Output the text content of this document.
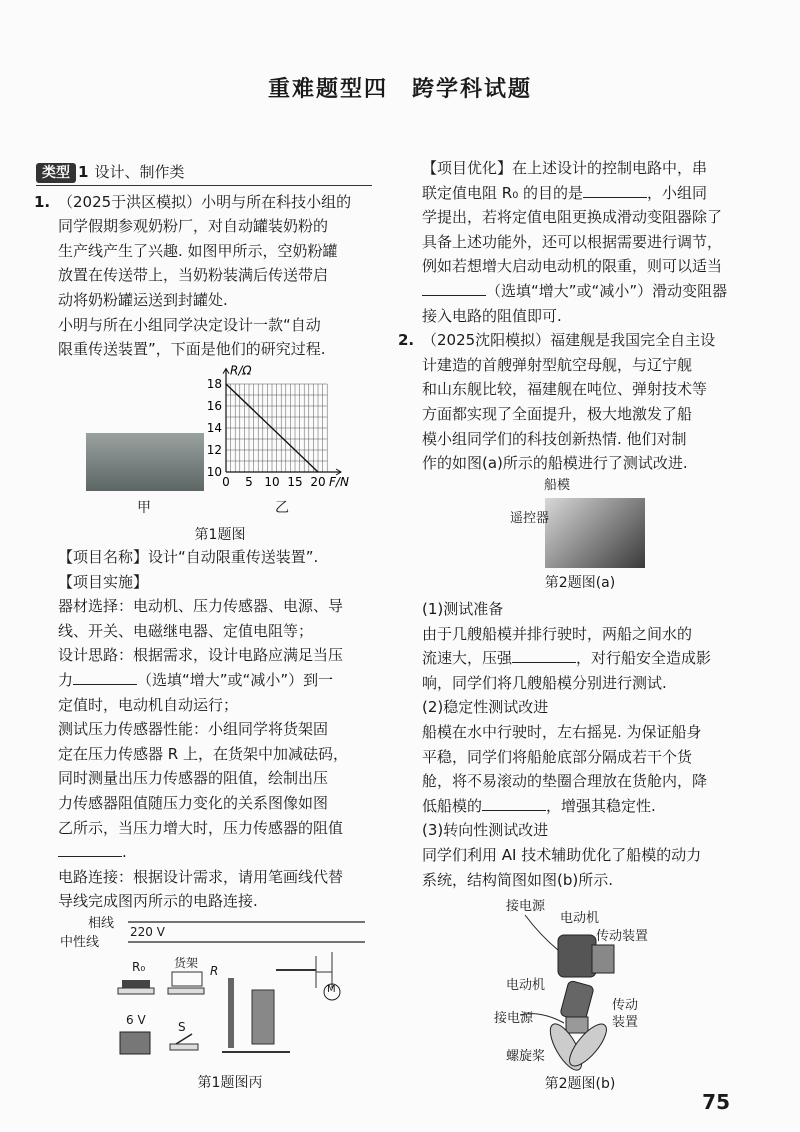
重难题型四　跨学科试题
类型 1 设计、制作类
1. （2025于洪区模拟）小明与所在科技小组的
同学假期参观奶粉厂，对自动罐装奶粉的
生产线产生了兴趣. 如图甲所示，空奶粉罐
放置在传送带上，当奶粉装满后传送带启
动将奶粉罐运送到封罐处.
小明与所在小组同学决定设计一款“自动
限重传送装置”，下面是他们的研究过程.
甲
10
12
14
16
18
0 5 10 15 20
R/Ω
F/N
乙
第1题图
【项目名称】设计“自动限重传送装置”.
【项目实施】
器材选择：电动机、压力传感器、电源、导
线、开关、电磁继电器、定值电阻等；
设计思路：根据需求，设计电路应满足当压
力	（选填“增大”或“减小”）到一
定值时，电动机自动运行；
测试压力传感器性能：小组同学将货架固
定在压力传感器 R 上，在货架中加减砝码，
同时测量出压力传感器的阻值，绘制出压
力传感器阻值随压力变化的关系图像如图
乙所示，当压力增大时，压力传感器的阻值
.
电路连接：根据设计需求，请用笔画线代替
导线完成图丙所示的电路连接.
相线
中性线
220 V
R₀ 货架
R
6 V	S
M
第1题图丙
【项目优化】在上述设计的控制电路中，串
联定值电阻 R₀ 的目的是	，小组同
学提出，若将定值电阻更换成滑动变阻器除了
具备上述功能外，还可以根据需要进行调节，
例如若想增大启动电动机的限重，则可以适当
（选填“增大”或“减小”）滑动变阻器
接入电路的阻值即可.
2. （2025沈阳模拟）福建舰是我国完全自主设
计建造的首艘弹射型航空母舰，与辽宁舰
和山东舰比较，福建舰在吨位、弹射技术等
方面都实现了全面提升，极大地激发了船
模小组同学们的科技创新热情. 他们对制
作的如图(a)所示的船模进行了测试改进.
船模
遥控器
第2题图(a)
(1)测试准备
由于几艘船模并排行驶时，两船之间水的
流速大，压强	，对行船安全造成影
响，同学们将几艘船模分别进行测试.
(2)稳定性测试改进
船模在水中行驶时，左右摇晃. 为保证船身
平稳，同学们将船舱底部分隔成若干个货
舱，将不易滚动的垫圈合理放在货舱内，降
低船模的	，增强其稳定性.
(3)转向性测试改进
同学们利用 AI 技术辅助优化了船模的动力
系统，结构简图如图(b)所示.
接电源
电动机
传动装置
电动机
传动
装置
接电源
螺旋桨
第2题图(b)
75
